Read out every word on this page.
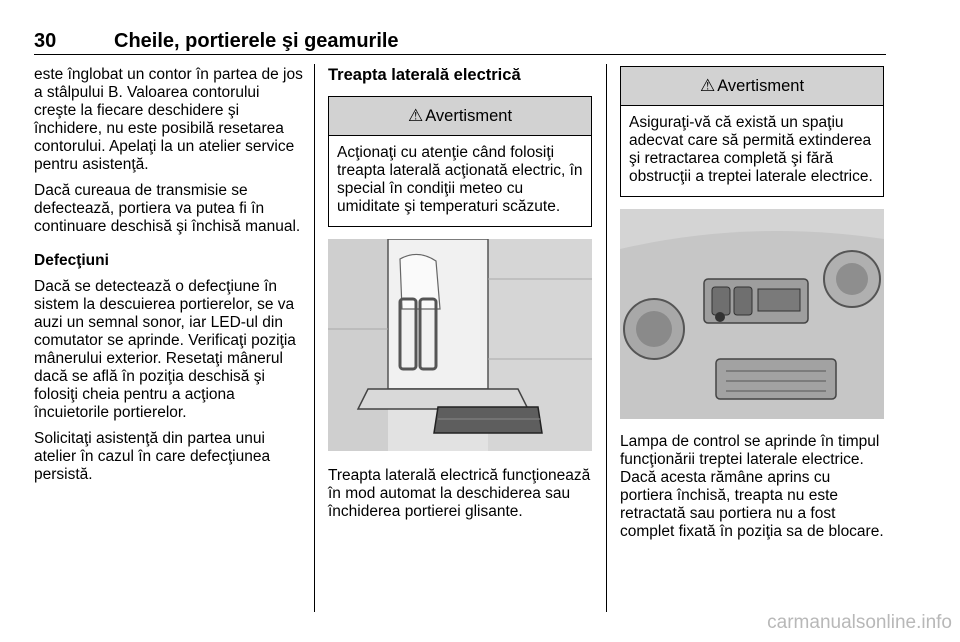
30	Cheile, portierele şi geamurile

este înglobat un contor în partea de jos a stâlpului B. Valoarea contorului creşte la fiecare deschidere şi închidere, nu este posibilă resetarea contorului. Apelaţi la un atelier service pentru asistenţă.

Dacă cureaua de transmisie se defectează, portiera va putea fi în continuare deschisă şi închisă manual.

Defecţiuni

Dacă se detectează o defecţiune în sistem la descuierea portierelor, se va auzi un semnal sonor, iar LED-ul din comutator se aprinde. Verificaţi poziţia mânerului exterior. Resetaţi mânerul dacă se află în poziţia deschisă şi folosiţi cheia pentru a acţiona încuietorile portierelor.

Solicitaţi asistenţă din partea unui atelier în cazul în care defecţiunea persistă.

Treapta laterală electrică
⚠ Avertisment
Acţionaţi cu atenţie când folosiţi treapta laterală acţionată electric, în special în condiţii meteo cu umiditate şi temperaturi scăzute.

Treapta laterală electrică funcţionează în mod automat la deschiderea sau închiderea portierei glisante.

⚠ Avertisment
Asiguraţi-vă că există un spaţiu adecvat care să permită extinderea şi retractarea completă şi fără obstrucţii a treptei laterale electrice.

Lampa de control se aprinde în timpul funcţionării treptei laterale electrice. Dacă acesta rămâne aprins cu portiera închisă, treapta nu este retractată sau portiera nu a fost complet fixată în poziţia sa de blocare.

carmanualsonline.info
